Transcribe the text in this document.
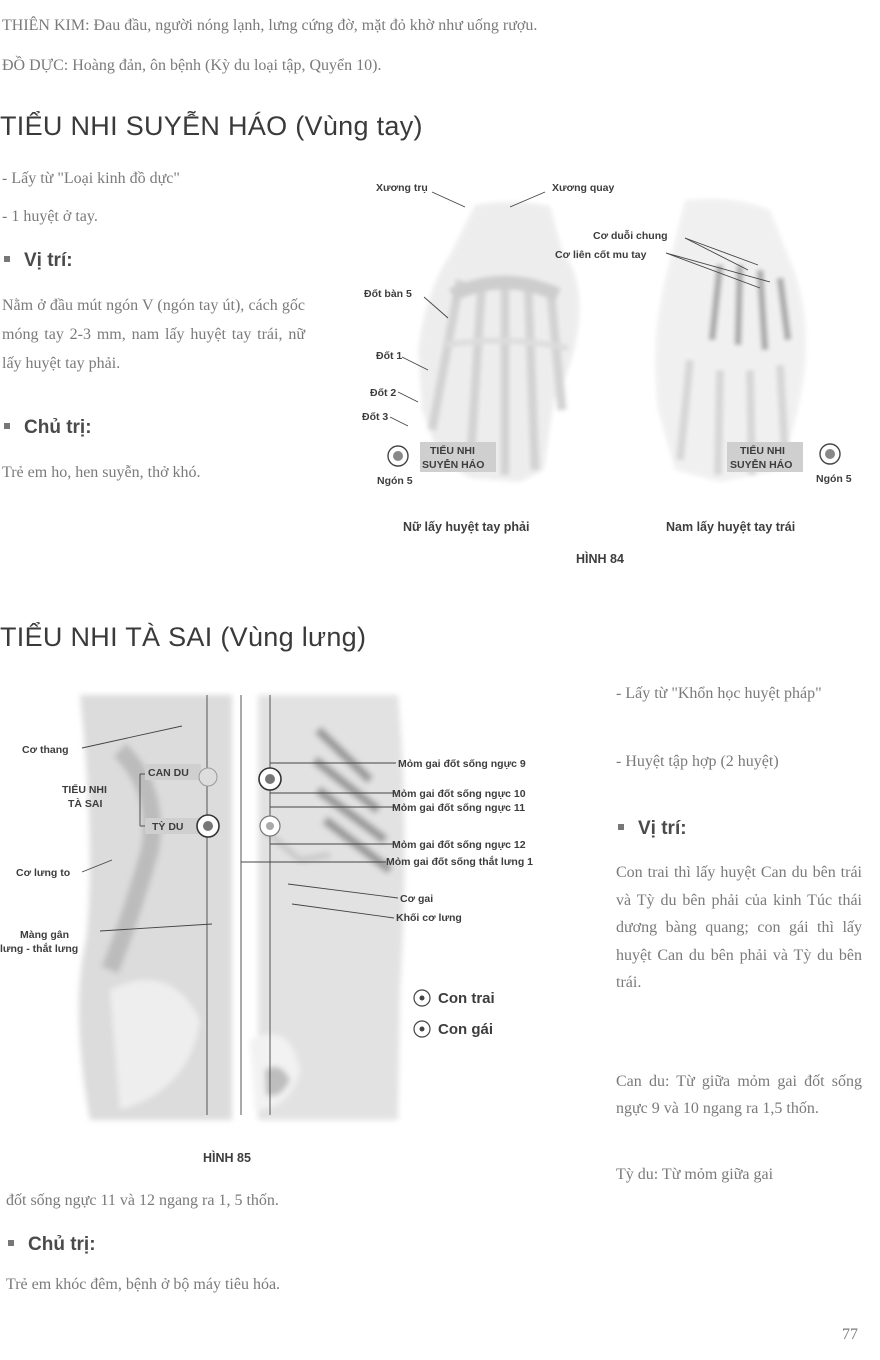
THIÊN KIM: Đau đầu, người nóng lạnh, lưng cứng đờ, mặt đỏ khờ như uống rượu.
ĐỒ DỰC: Hoàng đản, ôn bệnh (Kỳ du loại tập, Quyển 10).
TIỂU NHI SUYỄN HÁO (Vùng tay)
- Lấy từ "Loại kinh đồ dực"
- 1 huyệt ở tay.
Vị trí:
Nằm ở đầu mút ngón V (ngón tay út), cách gốc móng tay 2-3 mm, nam lấy huyệt tay trái, nữ lấy huyệt tay phải.
Chủ trị:
Trẻ em ho, hen suyễn, thở khó.
Xương trụ	Xương quay
Cơ duỗi chung
Cơ liên cốt mu tay
Đốt bàn 5
Đốt 1
Đốt 2
Đốt 3
TIỂU NHI
SUYỄN HÁO
Ngón 5
TIỂU NHI
SUYỄN HÁO
Ngón 5
Nữ lấy huyệt tay phải	Nam lấy huyệt tay trái
HÌNH 84
TIỂU NHI TÀ SAI (Vùng lưng)
Cơ thang
TIỂU NHI
TÀ SAI
CAN DU
TỲ DU
Cơ lưng to
Màng gân
lưng - thắt lưng
Mỏm gai đốt sống ngực 9
Mỏm gai đốt sống ngực 10
Mỏm gai đốt sống ngực 11
Mỏm gai đốt sống ngực 12
Mỏm gai đốt sống thắt lưng 1
Cơ gai
Khối cơ lưng
Con trai
Con gái
HÌNH 85
- Lấy từ "Khổn học huyệt pháp"
- Huyệt tập hợp (2 huyệt)
Vị trí:
Con trai thì lấy huyệt Can du bên trái và Tỳ du bên phải của kinh Túc thái dương bàng quang; con gái thì lấy huyệt Can du bên phải và Tỳ du bên trái.
Can du: Từ giữa mỏm gai đốt sống ngực 9 và 10 ngang ra 1,5 thốn.
Tỳ du: Từ mỏm giữa gai
đốt sống ngực 11 và 12 ngang ra 1, 5 thốn.
Chủ trị:
Trẻ em khóc đêm, bệnh ở bộ máy tiêu hóa.
77
